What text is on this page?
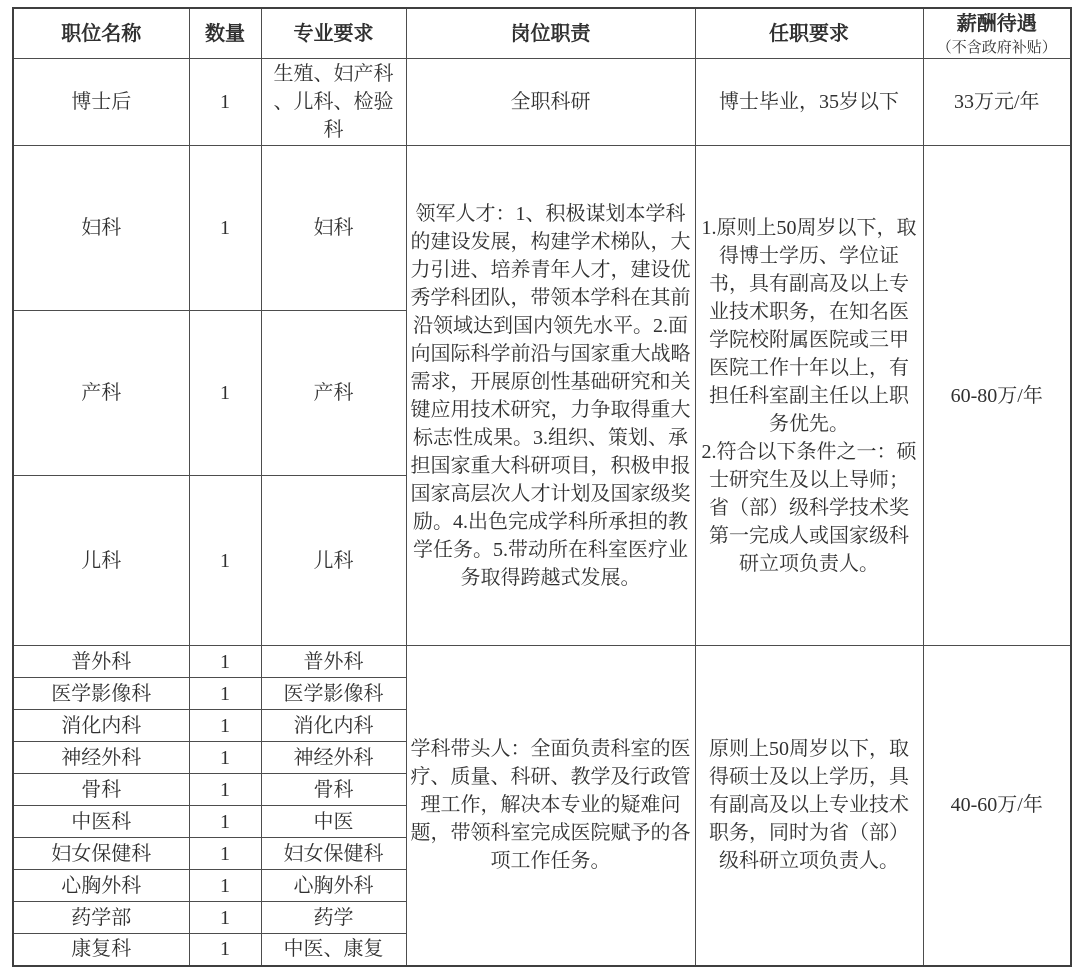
职位名称	数量	专业要求	岗位职责	任职要求	薪酬待遇
（不含政府补贴）

博士后	1	生殖、妇产科、儿科、检验科	全职科研	博士毕业，35岁以下	33万元/年
妇科	1	妇科	领军人才：1、积极谋划本学科的建设发展，构建学术梯队，大力引进、培养青年人才，建设优秀学科团队，带领本学科在其前沿领域达到国内领先水平。2.面向国际科学前沿与国家重大战略需求，开展原创性基础研究和关键应用技术研究，力争取得重大标志性成果。3.组织、策划、承担国家重大科研项目，积极申报国家高层次人才计划及国家级奖励。4.出色完成学科所承担的教学任务。5.带动所在科室医疗业务取得跨越式发展。	1.原则上50周岁以下，取得博士学历、学位证书，具有副高及以上专业技术职务，在知名医学院校附属医院或三甲医院工作十年以上，有担任科室副主任以上职务优先。
2.符合以下条件之一：硕士研究生及以上导师；省（部）级科学技术奖第一完成人或国家级科研立项负责人。	60-80万/年
产科	1	产科			
儿科	1	儿科			
普外科	1	普外科	学科带头人：全面负责科室的医疗、质量、科研、教学及行政管理工作，解决本专业的疑难问题，带领科室完成医院赋予的各项工作任务。	原则上50周岁以下，取得硕士及以上学历，具有副高及以上专业技术职务，同时为省（部）级科研立项负责人。	40-60万/年
医学影像科	1	医学影像科			
消化内科	1	消化内科			
神经外科	1	神经外科			
骨科	1	骨科			
中医科	1	中医			
妇女保健科	1	妇女保健科			
心胸外科	1	心胸外科			
药学部	1	药学			
康复科	1	中医、康复			
